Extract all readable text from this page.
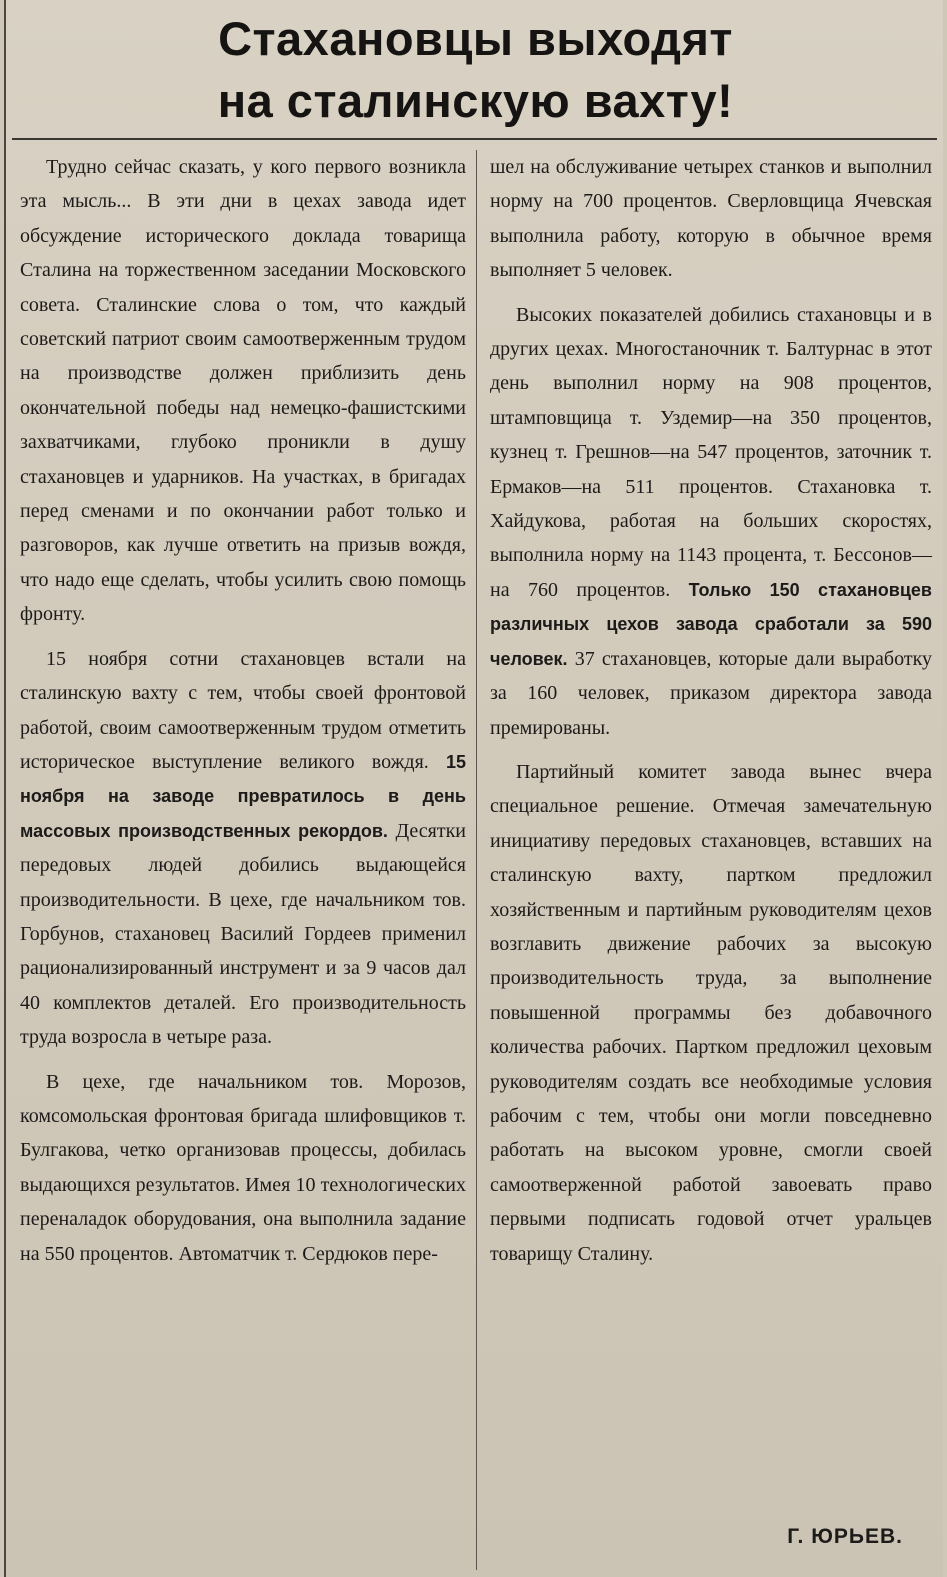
Стахановцы выходят
на сталинскую вахту!

Трудно сейчас сказать, у кого первого возникла эта мысль... В эти дни в цехах завода идет обсуждение исторического доклада товарища Сталина на торжественном заседании Московского совета. Сталинские слова о том, что каждый советский патриот своим самоотверженным трудом на производстве должен приблизить день окончательной победы над немецко-фашистскими захватчиками, глубоко проникли в душу стахановцев и ударников. На участках, в бригадах перед сменами и по окончании работ только и разговоров, как лучше ответить на призыв вождя, что надо еще сделать, чтобы усилить свою помощь фронту.

15 ноября сотни стахановцев встали на сталинскую вахту с тем, чтобы своей фронтовой работой, своим самоотверженным трудом отметить историческое выступление великого вождя. 15 ноября на заводе превратилось в день массовых производственных рекордов. Десятки передовых людей добились выдающейся производительности. В цехе, где начальником тов. Горбунов, стахановец Василий Гордеев применил рационализированный инструмент и за 9 часов дал 40 комплектов деталей. Его производительность труда возросла в четыре раза.

В цехе, где начальником тов. Морозов, комсомольская фронтовая бригада шлифовщиков т. Булгакова, четко организовав процессы, добилась выдающихся результатов. Имея 10 технологических переналадок оборудования, она выполнила задание на 550 процентов. Автоматчик т. Сердюков пере-

шел на обслуживание четырех станков и выполнил норму на 700 процентов. Сверловщица Ячевская выполнила работу, которую в обычное время выполняет 5 человек.

Высоких показателей добились стахановцы и в других цехах. Многостаночник т. Балтурнас в этот день выполнил норму на 908 процентов, штамповщица т. Уздемир—на 350 процентов, кузнец т. Грешнов—на 547 процентов, заточник т. Ермаков—на 511 процентов. Стахановка т. Хайдукова, работая на больших скоростях, выполнила норму на 1143 процента, т. Бессонов—на 760 процентов. Только 150 стахановцев различных цехов завода сработали за 590 человек. 37 стахановцев, которые дали выработку за 160 человек, приказом директора завода премированы.

Партийный комитет завода вынес вчера специальное решение. Отмечая замечательную инициативу передовых стахановцев, вставших на сталинскую вахту, партком предложил хозяйственным и партийным руководителям цехов возглавить движение рабочих за высокую производительность труда, за выполнение повышенной программы без добавочного количества рабочих. Партком предложил цеховым руководителям создать все необходимые условия рабочим с тем, чтобы они могли повседневно работать на высоком уровне, смогли своей самоотверженной работой завоевать право первыми подписать годовой отчет уральцев товарищу Сталину.

Г. ЮРЬЕВ.
